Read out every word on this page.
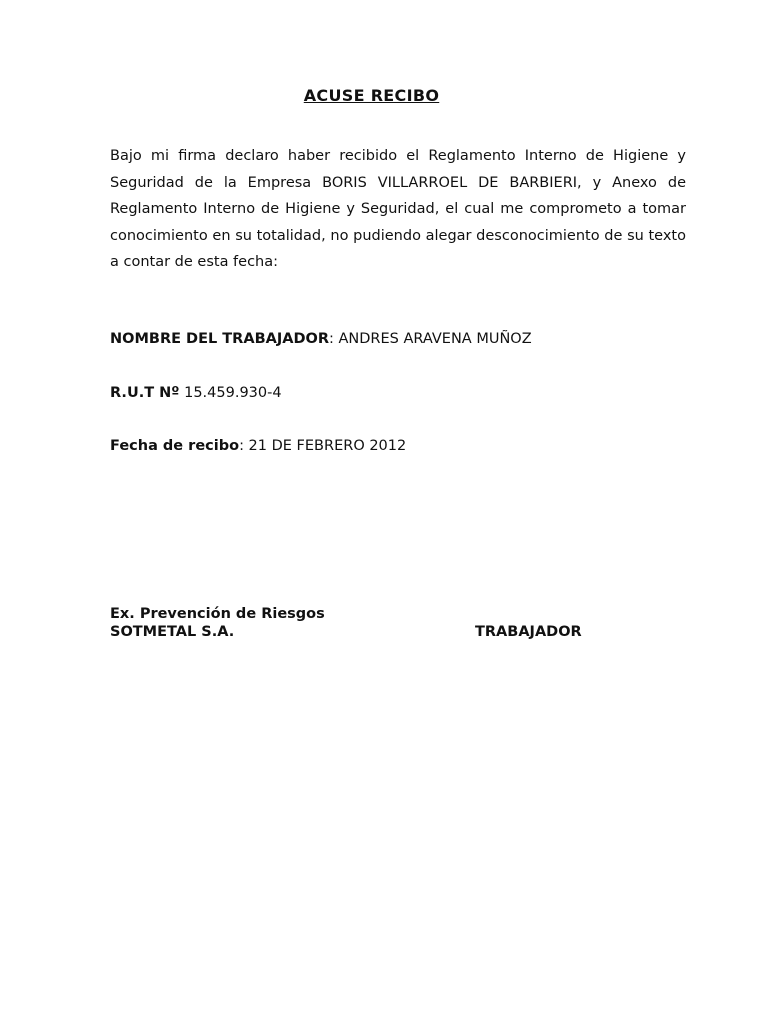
ACUSE RECIBO
Bajo mi firma declaro haber recibido el Reglamento Interno de Higiene y Seguridad de la Empresa BORIS VILLARROEL DE BARBIERI, y Anexo de Reglamento Interno de Higiene y Seguridad, el cual me comprometo a tomar conocimiento en su totalidad, no pudiendo alegar desconocimiento de su texto a contar de esta fecha:
NOMBRE DEL TRABAJADOR: ANDRES ARAVENA MUÑOZ
R.U.T Nº 15.459.930-4
Fecha de recibo: 21 DE FEBRERO 2012
Ex. Prevención de Riesgos
SOTMETAL S.A.	TRABAJADOR
